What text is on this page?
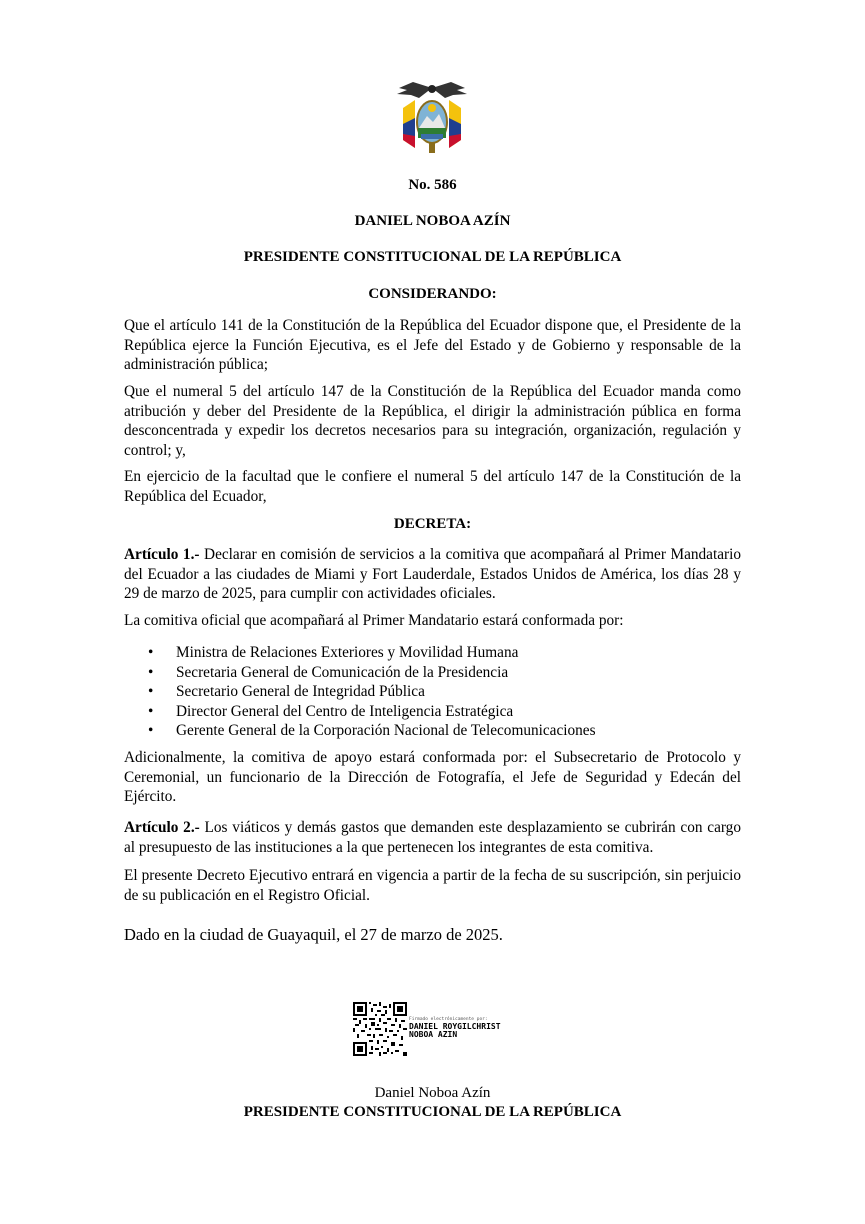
No. 586

DANIEL NOBOA AZÍN

PRESIDENTE CONSTITUCIONAL DE LA REPÚBLICA

CONSIDERANDO:

Que el artículo 141 de la Constitución de la República del Ecuador dispone que, el Presidente de la República ejerce la Función Ejecutiva, es el Jefe del Estado y de Gobierno y responsable de la administración pública;

Que el numeral 5 del artículo 147 de la Constitución de la República del Ecuador manda como atribución y deber del Presidente de la República, el dirigir la administración pública en forma desconcentrada y expedir los decretos necesarios para su integración, organización, regulación y control; y,

En ejercicio de la facultad que le confiere el numeral 5 del artículo 147 de la Constitución de la República del Ecuador,

DECRETA:

Artículo 1.- Declarar en comisión de servicios a la comitiva que acompañará al Primer Mandatario del Ecuador a las ciudades de Miami y Fort Lauderdale, Estados Unidos de América, los días 28 y 29 de marzo de 2025, para cumplir con actividades oficiales.

La comitiva oficial que acompañará al Primer Mandatario estará conformada por:

• Ministra de Relaciones Exteriores y Movilidad Humana
• Secretaria General de Comunicación de la Presidencia
• Secretario General de Integridad Pública
• Director General del Centro de Inteligencia Estratégica
• Gerente General de la Corporación Nacional de Telecomunicaciones

Adicionalmente, la comitiva de apoyo estará conformada por: el Subsecretario de Protocolo y Ceremonial, un funcionario de la Dirección de Fotografía, el Jefe de Seguridad y Edecán del Ejército.

Artículo 2.- Los viáticos y demás gastos que demanden este desplazamiento se cubrirán con cargo al presupuesto de las instituciones a la que pertenecen los integrantes de esta comitiva.

El presente Decreto Ejecutivo entrará en vigencia a partir de la fecha de su suscripción, sin perjuicio de su publicación en el Registro Oficial.

Dado en la ciudad de Guayaquil, el 27 de marzo de 2025.

Firmado electrónicamente por:
DANIEL ROYGILCHRIST
NOBOA AZIN

Daniel Noboa Azín

PRESIDENTE CONSTITUCIONAL DE LA REPÚBLICA
